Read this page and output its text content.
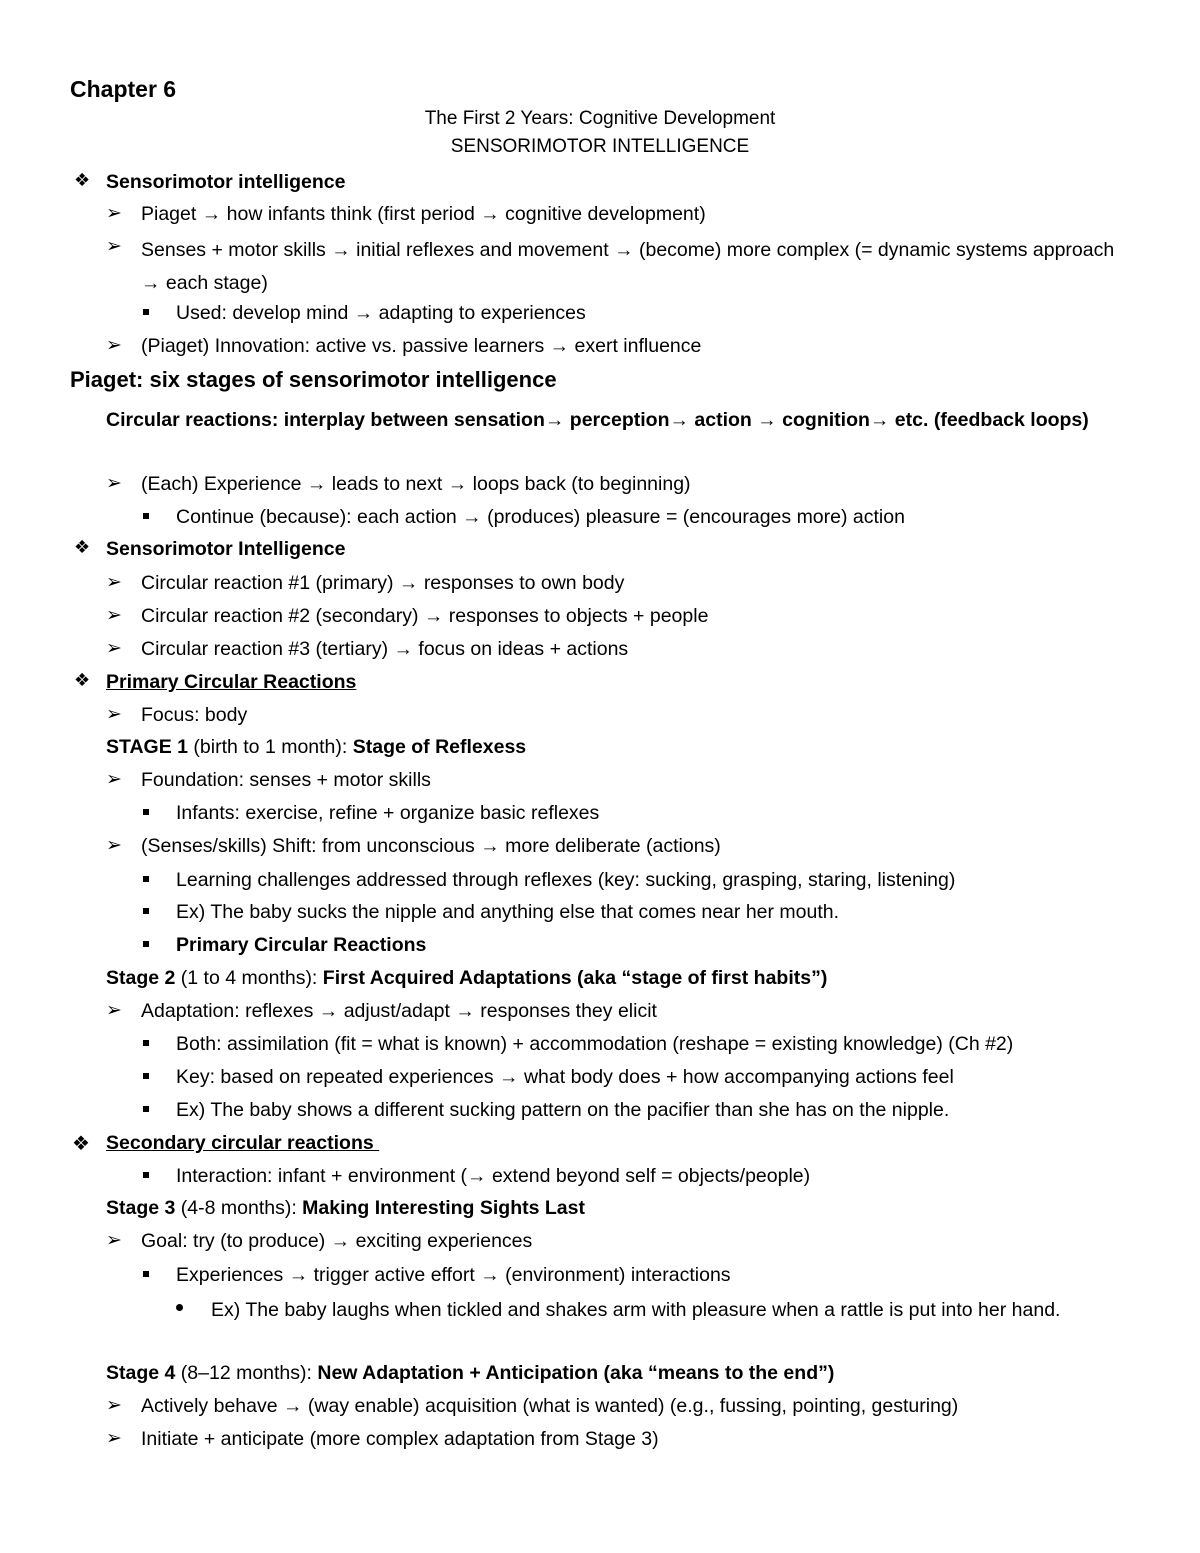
Chapter 6
The First 2 Years: Cognitive Development
SENSORIMOTOR INTELLIGENCE
❖ Sensorimotor intelligence
➢ Piaget → how infants think (first period → cognitive development)
➢ Senses + motor skills → initial reflexes and movement → (become) more complex (= dynamic systems approach → each stage)
Used: develop mind → adapting to experiences
➢ (Piaget) Innovation: active vs. passive learners → exert influence
Piaget: six stages of sensorimotor intelligence
Circular reactions: interplay between sensation→ perception→ action → cognition→ etc. (feedback loops)
➢ (Each) Experience → leads to next → loops back (to beginning)
Continue (because): each action → (produces) pleasure = (encourages more) action
❖ Sensorimotor Intelligence
➢ Circular reaction #1 (primary) → responses to own body
➢ Circular reaction #2 (secondary) → responses to objects + people
➢ Circular reaction #3 (tertiary) → focus on ideas + actions
❖ Primary Circular Reactions
➢ Focus: body
STAGE 1 (birth to 1 month): Stage of Reflexess
➢ Foundation: senses + motor skills
Infants: exercise, refine + organize basic reflexes
➢ (Senses/skills) Shift: from unconscious → more deliberate (actions)
Learning challenges addressed through reflexes (key: sucking, grasping, staring, listening)
Ex) The baby sucks the nipple and anything else that comes near her mouth.
Primary Circular Reactions
Stage 2 (1 to 4 months): First Acquired Adaptations (aka “stage of first habits”)
➢ Adaptation: reflexes → adjust/adapt → responses they elicit
Both: assimilation (fit = what is known) + accommodation (reshape = existing knowledge) (Ch #2)
Key: based on repeated experiences → what body does + how accompanying actions feel
Ex) The baby shows a different sucking pattern on the pacifier than she has on the nipple.
❖ Secondary circular reactions
Interaction: infant + environment (→ extend beyond self = objects/people)
Stage 3 (4-8 months): Making Interesting Sights Last
➢ Goal: try (to produce) → exciting experiences
Experiences → trigger active effort → (environment) interactions
Ex) The baby laughs when tickled and shakes arm with pleasure when a rattle is put into her hand.
Stage 4 (8–12 months): New Adaptation + Anticipation (aka “means to the end”)
➢ Actively behave → (way enable) acquisition (what is wanted) (e.g., fussing, pointing, gesturing)
➢ Initiate + anticipate (more complex adaptation from Stage 3)
